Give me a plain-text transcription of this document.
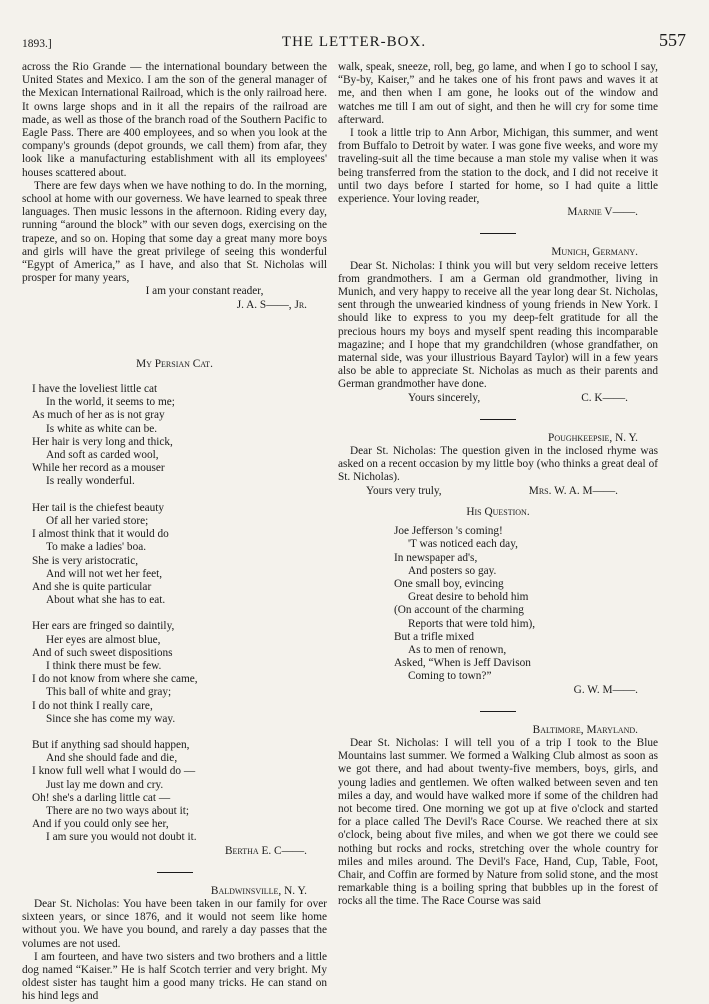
1893.]	THE LETTER-BOX.	557

across the Rio Grande — the international boundary between the United States and Mexico. I am the son of the general manager of the Mexican International Railroad, which is the only railroad here. It owns large shops and in it all the repairs of the railroad are made, as well as those of the branch road of the Southern Pacific to Eagle Pass. There are 400 employees, and so when you look at the company's grounds (depot grounds, we call them) from afar, they look like a manufacturing establishment with all its employees' houses scattered about.

There are few days when we have nothing to do. In the morning, school at home with our governess. We have learned to speak three languages. Then music lessons in the afternoon. Riding every day, running “around the block” with our seven dogs, exercising on the trapeze, and so on. Hoping that some day a great many more boys and girls will have the great privilege of seeing this wonderful “Egypt of America,” as I have, and also that St. Nicholas will prosper for many years,

I am your constant reader,

J. A. S——, Jr.

My Persian Cat.
I have the loveliest little cat
In the world, it seems to me;
As much of her as is not gray
Is white as white can be.
Her hair is very long and thick,
And soft as carded wool,
While her record as a mouser
Is really wonderful.
Her tail is the chiefest beauty
Of all her varied store;
I almost think that it would do
To make a ladies' boa.
She is very aristocratic,
And will not wet her feet,
And she is quite particular
About what she has to eat.
Her ears are fringed so daintily,
Her eyes are almost blue,
And of such sweet dispositions
I think there must be few.
I do not know from where she came,
This ball of white and gray;
I do not think I really care,
Since she has come my way.
But if anything sad should happen,
And she should fade and die,
I know full well what I would do —
Just lay me down and cry.
Oh! she's a darling little cat —
There are no two ways about it;
And if you could only see her,
I am sure you would not doubt it.

Bertha E. C——.

Baldwinsville, N. Y.

Dear St. Nicholas: You have been taken in our family for over sixteen years, or since 1876, and it would not seem like home without you. We have you bound, and rarely a day passes that the volumes are not used.

I am fourteen, and have two sisters and two brothers and a little dog named “Kaiser.” He is half Scotch terrier and very bright. My oldest sister has taught him a good many tricks. He can stand on his hind legs and

walk, speak, sneeze, roll, beg, go lame, and when I go to school I say, “By-by, Kaiser,” and he takes one of his front paws and waves it at me, and then when I am gone, he looks out of the window and watches me till I am out of sight, and then he will cry for some time afterward.

I took a little trip to Ann Arbor, Michigan, this summer, and went from Buffalo to Detroit by water. I was gone five weeks, and wore my traveling-suit all the time because a man stole my valise when it was being transferred from the station to the dock, and I did not receive it until two days before I started for home, so I had quite a little experience. Your loving reader,

Marnie V——.

Munich, Germany.

Dear St. Nicholas: I think you will but very seldom receive letters from grandmothers. I am a German old grandmother, living in Munich, and very happy to receive all the year long dear St. Nicholas, sent through the unwearied kindness of young friends in New York. I should like to express to you my deep-felt gratitude for all the precious hours my boys and myself spent reading this incomparable magazine; and I hope that my grandchildren (whose grandfather, on maternal side, was your illustrious Bayard Taylor) will in a few years also be able to appreciate St. Nicholas as much as their parents and German grandmother have done.

Yours sincerely,	C. K——.

Poughkeepsie, N. Y.

Dear St. Nicholas: The question given in the inclosed rhyme was asked on a recent occasion by my little boy (who thinks a great deal of St. Nicholas).

Yours very truly,	Mrs. W. A. M——.

His Question.
Joe Jefferson 's coming!
'T was noticed each day,
In newspaper ad's,
And posters so gay.
One small boy, evincing
Great desire to behold him
(On account of the charming
Reports that were told him),
But a trifle mixed
As to men of renown,
Asked, “When is Jeff Davison
Coming to town?”

G. W. M——.

Baltimore, Maryland.

Dear St. Nicholas: I will tell you of a trip I took to the Blue Mountains last summer. We formed a Walking Club almost as soon as we got there, and had about twenty-five members, boys, girls, and young ladies and gentlemen. We often walked between seven and ten miles a day, and would have walked more if some of the children had not become tired. One morning we got up at five o'clock and started for a place called The Devil's Race Course. We reached there at six o'clock, being about five miles, and when we got there we could see nothing but rocks and rocks, stretching over the whole country for miles and miles around. The Devil's Face, Hand, Cup, Table, Foot, Chair, and Coffin are formed by Nature from solid stone, and the most remarkable thing is a boiling spring that bubbles up in the forest of rocks all the time. The Race Course was said
